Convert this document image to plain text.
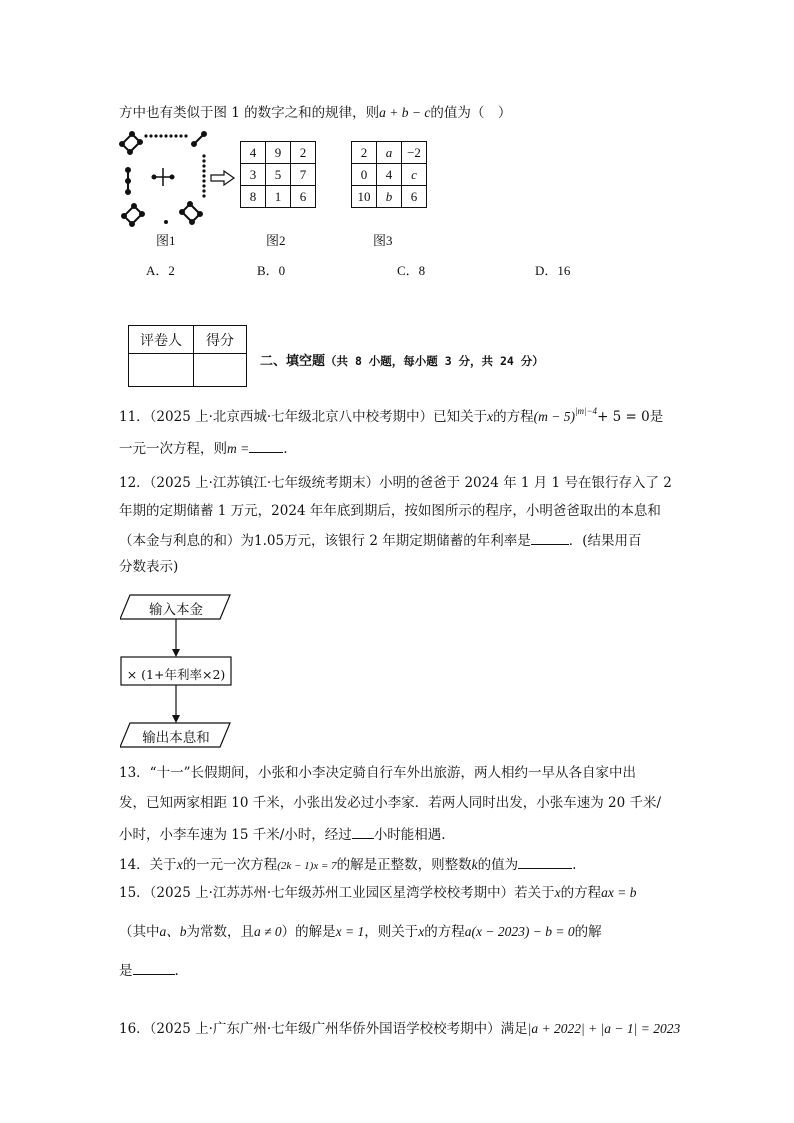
方中也有类似于图 1 的数字之和的规律，则a + b − c的值为（　）
4	9	2
3	5	7
8	1	6
2	a	−2
0	4	c
10	b	6
图1	图2	图3
A．2	B．0	C．8	D．16
评卷人	得分

二、填空题（共 8 小题，每小题 3 分，共 24 分）
11．（2025 上·北京西城·七年级北京八中校考期中）已知关于x的方程$(m - 5)^{|m|-4}+ 5 = 0$是
一元一次方程，则m =	.
12．（2025 上·江苏镇江·七年级统考期末）小明的爸爸于 2024 年 1 月 1 号在银行存入了 2
年期的定期储蓄 1 万元，2024 年年底到期后，按如图所示的程序，小明爸爸取出的本息和
（本金与利息的和）为1.05万元，该银行 2 年期定期储蓄的年利率是	．(结果用百
分数表示)
输入本金
× (1+年利率×2)
输出本息和
13．“十一”长假期间，小张和小李决定骑自行车外出旅游，两人相约一早从各自家中出
发，已知两家相距 10 千米，小张出发必过小李家．若两人同时出发，小张车速为 20 千米/
小时，小李车速为 15 千米/小时，经过 小时能相遇.
14．关于x的一元一次方程(2k − 1)x = 7的解是正整数，则整数k的值为	.
15．（2025 上·江苏苏州·七年级苏州工业园区星湾学校校考期中）若关于x的方程ax = b
（其中a、b为常数，且a ≠ 0）的解是x = 1，则关于x的方程a(x − 2023) − b = 0的解
是	.
16．（2025 上·广东广州·七年级广州华侨外国语学校校考期中）满足|a + 2022| + |a − 1| = 2023
